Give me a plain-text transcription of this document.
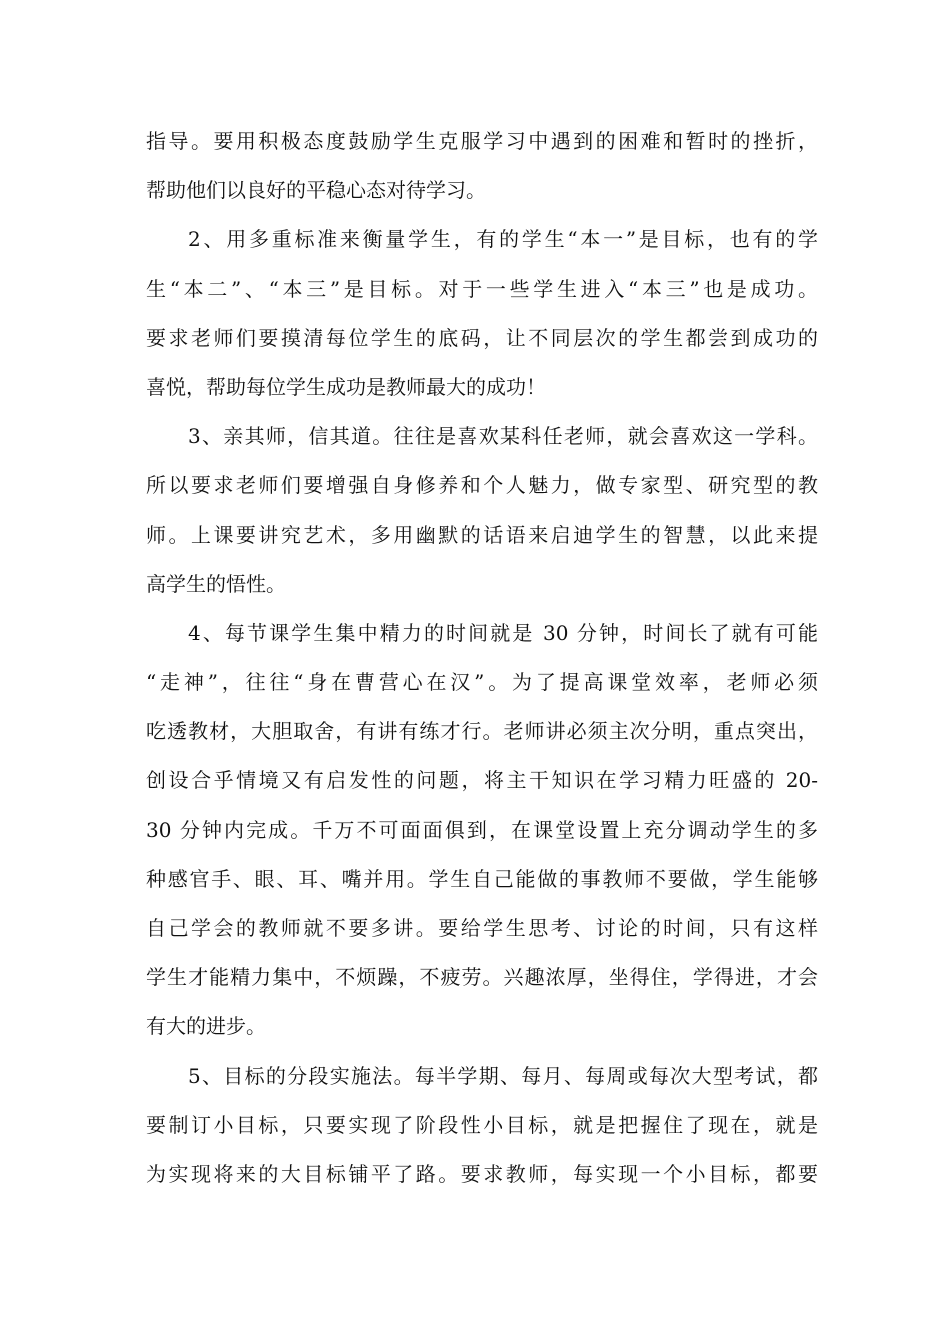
指导。要用积极态度鼓励学生克服学习中遇到的困难和暂时的挫折，
帮助他们以良好的平稳心态对待学习。
2、用多重标准来衡量学生，有的学生“本一”是目标，也有的学
生“本二”、“本三”是目标。对于一些学生进入“本三”也是成功。
要求老师们要摸清每位学生的底码，让不同层次的学生都尝到成功的
喜悦，帮助每位学生成功是教师最大的成功！
3、亲其师，信其道。往往是喜欢某科任老师，就会喜欢这一学科。
所以要求老师们要增强自身修养和个人魅力，做专家型、研究型的教
师。上课要讲究艺术，多用幽默的话语来启迪学生的智慧，以此来提
高学生的悟性。
4、每节课学生集中精力的时间就是 30 分钟，时间长了就有可能
“走神”，往往“身在曹营心在汉”。为了提高课堂效率，老师必须
吃透教材，大胆取舍，有讲有练才行。老师讲必须主次分明，重点突出，
创设合乎情境又有启发性的问题，将主干知识在学习精力旺盛的 20-
30 分钟内完成。千万不可面面俱到，在课堂设置上充分调动学生的多
种感官手、眼、耳、嘴并用。学生自己能做的事教师不要做，学生能够
自己学会的教师就不要多讲。要给学生思考、讨论的时间，只有这样
学生才能精力集中，不烦躁，不疲劳。兴趣浓厚，坐得住，学得进，才会
有大的进步。
5、目标的分段实施法。每半学期、每月、每周或每次大型考试，都
要制订小目标，只要实现了阶段性小目标，就是把握住了现在，就是
为实现将来的大目标铺平了路。要求教师，每实现一个小目标，都要
